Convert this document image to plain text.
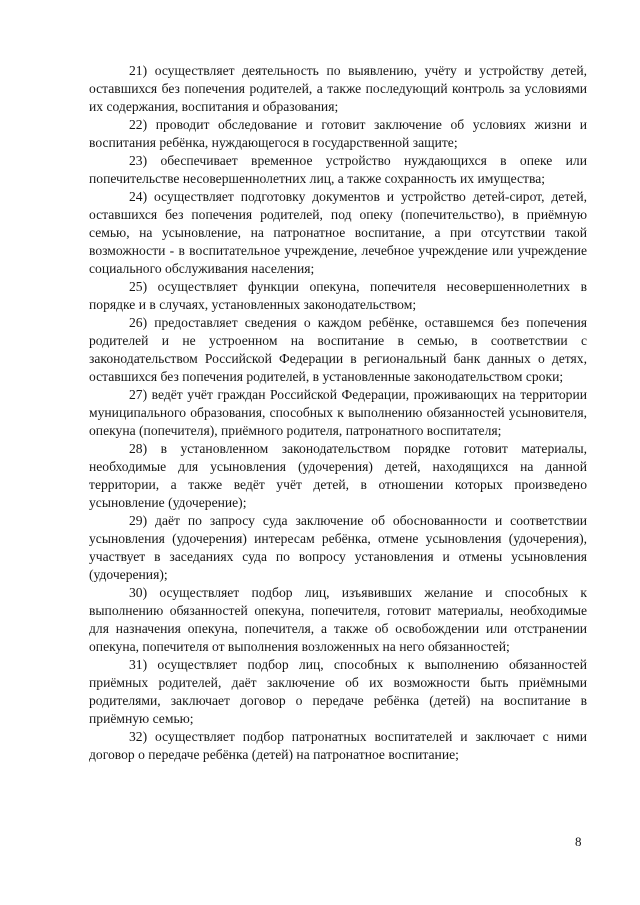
21) осуществляет деятельность по выявлению, учёту и устройству детей, оставшихся без попечения родителей, а также последующий контроль за условиями их содержания, воспитания и образования;

22) проводит обследование и готовит заключение об условиях жизни и воспитания ребёнка, нуждающегося в государственной защите;

23) обеспечивает временное устройство нуждающихся в опеке или попечительстве несовершеннолетних лиц, а также сохранность их имущества;

24) осуществляет подготовку документов и устройство детей-сирот, детей, оставшихся без попечения родителей, под опеку (попечительство), в приёмную семью, на усыновление, на патронатное воспитание, а при отсутствии такой возможности - в воспитательное учреждение, лечебное учреждение или учреждение социального обслуживания населения;

25) осуществляет функции опекуна, попечителя несовершеннолетних в порядке и в случаях, установленных законодательством;

26) предоставляет сведения о каждом ребёнке, оставшемся без попечения родителей и не устроенном на воспитание в семью, в соответствии с законодательством Российской Федерации в региональный банк данных о детях, оставшихся без попечения родителей, в установленные законодательством сроки;

27) ведёт учёт граждан Российской Федерации, проживающих на территории муниципального образования, способных к выполнению обязанностей усыновителя, опекуна (попечителя), приёмного родителя, патронатного воспитателя;

28) в установленном законодательством порядке готовит материалы, необходимые для усыновления (удочерения) детей, находящихся на данной территории, а также ведёт учёт детей, в отношении которых произведено усыновление (удочерение);

29) даёт по запросу суда заключение об обоснованности и соответствии усыновления (удочерения) интересам ребёнка, отмене усыновления (удочерения), участвует в заседаниях суда по вопросу установления и отмены усыновления (удочерения);

30) осуществляет подбор лиц, изъявивших желание и способных к выполнению обязанностей опекуна, попечителя, готовит материалы, необходимые для назначения опекуна, попечителя, а также об освобождении или отстранении опекуна, попечителя от выполнения возложенных на него обязанностей;

31) осуществляет подбор лиц, способных к выполнению обязанностей приёмных родителей, даёт заключение об их возможности быть приёмными родителями, заключает договор о передаче ребёнка (детей) на воспитание в приёмную семью;

32) осуществляет подбор патронатных воспитателей и заключает с ними договор о передаче ребёнка (детей) на патронатное воспитание;

8
